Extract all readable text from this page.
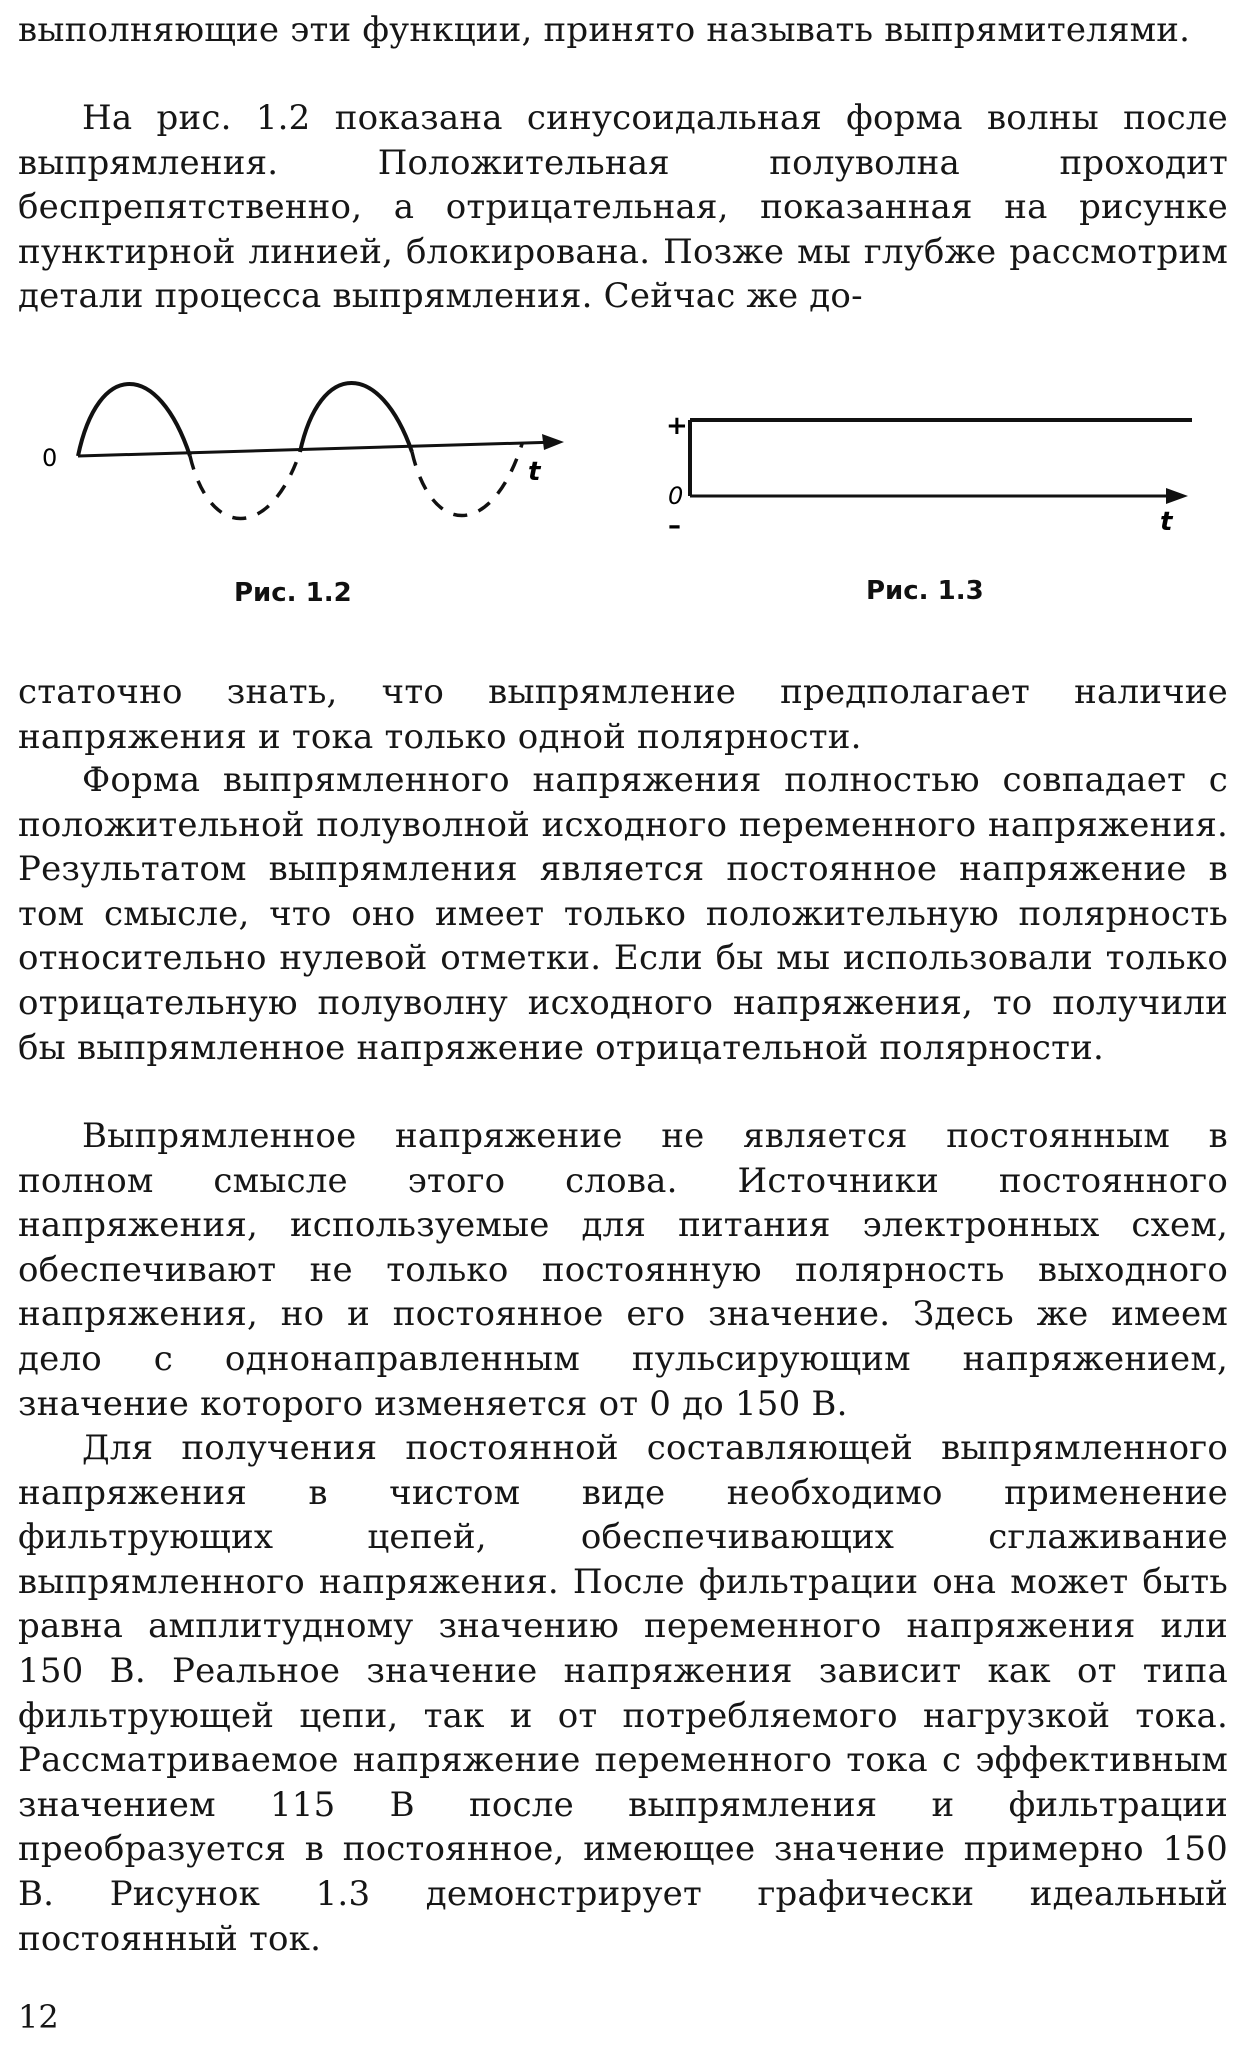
выполняющие эти функции, принято называть выпрямителями.

На рис. 1.2 показана синусоидальная форма волны после выпрямления. Положительная полуволна проходит беспрепятственно, а отрицательная, показанная на рисунке пунктирной линией, блокирована. Позже мы глубже рассмотрим детали процесса выпрямления. Сейчас же до-

0	t
Рис. 1.2
+
0
–	t
Рис. 1.3

статочно знать, что выпрямление предполагает наличие напряжения и тока только одной полярности.

Форма выпрямленного напряжения полностью совпадает с положительной полуволной исходного переменного напряжения. Результатом выпрямления является постоянное напряжение в том смысле, что оно имеет только положительную полярность относительно нулевой отметки. Если бы мы использовали только отрицательную полуволну исходного напряжения, то получили бы выпрямленное напряжение отрицательной полярности.

Выпрямленное напряжение не является постоянным в полном смысле этого слова. Источники постоянного напряжения, используемые для питания электронных схем, обеспечивают не только постоянную полярность выходного напряжения, но и постоянное его значение. Здесь же имеем дело с однонаправленным пульсирующим напряжением, значение которого изменяется от 0 до 150 В.

Для получения постоянной составляющей выпрямленного напряжения в чистом виде необходимо применение фильтрующих цепей, обеспечивающих сглаживание выпрямленного напряжения. После фильтрации она может быть равна амплитудному значению переменного напряжения или 150 В. Реальное значение напряжения зависит как от типа фильтрующей цепи, так и от потребляемого нагрузкой тока. Рассматриваемое напряжение переменного тока с эффективным значением 115 В после выпрямления и фильтрации преобразуется в постоянное, имеющее значение примерно 150 В. Рисунок 1.3 демонстрирует графически идеальный постоянный ток.

12
